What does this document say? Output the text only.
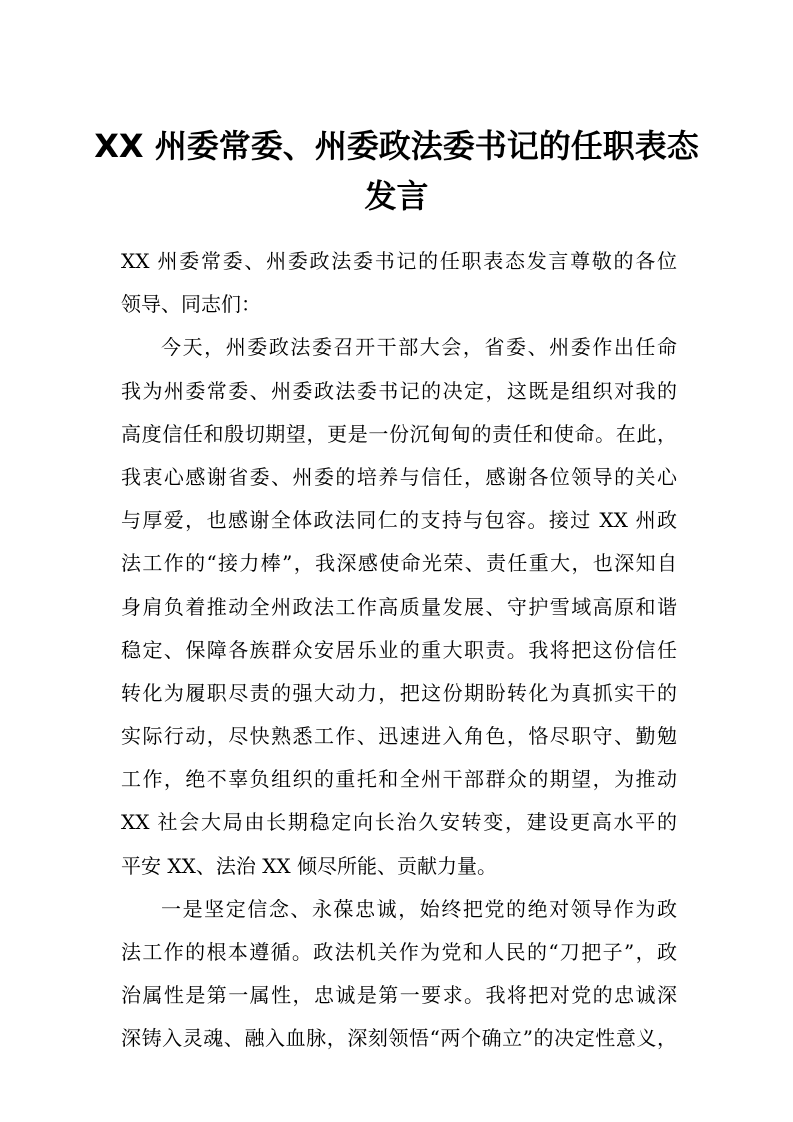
XX 州委常委、州委政法委书记的任职表态
发言
XX 州委常委、州委政法委书记的任职表态发言尊敬的各位
领导、同志们：
今天，州委政法委召开干部大会，省委、州委作出任命
我为州委常委、州委政法委书记的决定，这既是组织对我的
高度信任和殷切期望，更是一份沉甸甸的责任和使命。在此，
我衷心感谢省委、州委的培养与信任，感谢各位领导的关心
与厚爱，也感谢全体政法同仁的支持与包容。接过 XX 州政
法工作的“接力棒”，我深感使命光荣、责任重大，也深知自
身肩负着推动全州政法工作高质量发展、守护雪域高原和谐
稳定、保障各族群众安居乐业的重大职责。我将把这份信任
转化为履职尽责的强大动力，把这份期盼转化为真抓实干的
实际行动，尽快熟悉工作、迅速进入角色，恪尽职守、勤勉
工作，绝不辜负组织的重托和全州干部群众的期望，为推动
XX 社会大局由长期稳定向长治久安转变，建设更高水平的
平安 XX、法治 XX 倾尽所能、贡献力量。
一是坚定信念、永葆忠诚，始终把党的绝对领导作为政
法工作的根本遵循。政法机关作为党和人民的“刀把子”，政
治属性是第一属性，忠诚是第一要求。我将把对党的忠诚深
深铸入灵魂、融入血脉，深刻领悟“两个确立”的决定性意义，
